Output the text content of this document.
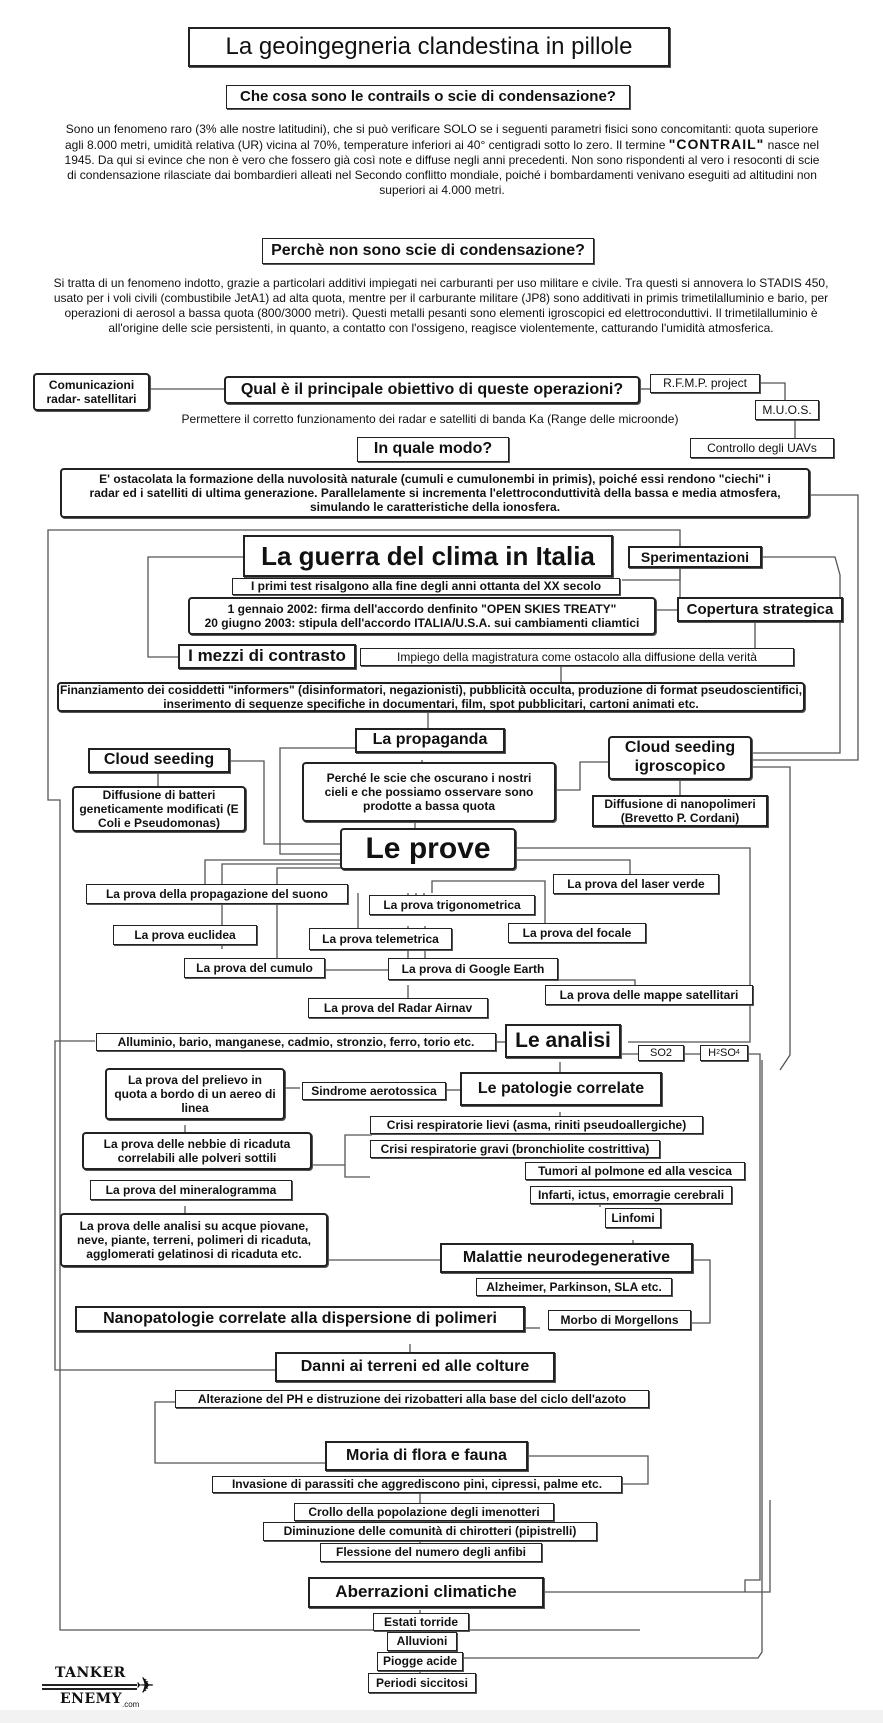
La geoingegneria clandestina in pillole
Che cosa sono le contrails o scie di condensazione?
Sono un fenomeno raro (3% alle nostre latitudini), che si può verificare SOLO se i seguenti parametri fisici sono concomitanti: quota superiore agli 8.000 metri, umidità relativa (UR) vicina al 70%, temperature inferiori ai 40° centigradi sotto lo zero. Il termine "CONTRAIL" nasce nel 1945. Da qui si evince che non è vero che fossero già così note e diffuse negli anni precedenti. Non sono rispondenti al vero i resoconti di scie di condensazione rilasciate dai bombardieri alleati nel Secondo conflitto mondiale, poiché i bombardamenti venivano eseguiti ad altitudini non superiori ai 4.000 metri.
Perchè non sono scie di condensazione?
Si tratta di un fenomeno indotto, grazie a particolari additivi impiegati nei carburanti per uso militare e civile. Tra questi si annovera lo STADIS 450, usato per i voli civili (combustibile JetA1) ad alta quota, mentre per il carburante militare (JP8) sono additivati in primis trimetilalluminio e bario, per operazioni di aerosol a bassa quota (800/3000 metri). Questi metalli pesanti sono elementi igroscopici ed elettroconduttivi. Il trimetilalluminio è all'origine delle scie persistenti, in quanto, a contatto con l'ossigeno, reagisce violentemente, catturando l'umidità atmosferica.
Comunicazioni radar- satellitari
Qual è il principale obiettivo di queste operazioni?	R.F.M.P. project
M.U.O.S.
Controllo degli UAVs
Permettere il corretto funzionamento dei radar e satelliti di banda Ka (Range delle microonde)
In quale modo?
E' ostacolata la formazione della nuvolosità naturale (cumuli e cumulonembi in primis), poiché essi rendono "ciechi" i radar ed i satelliti di ultima generazione. Parallelamente si incrementa l'elettroconduttività della bassa e media atmosfera, simulando le caratteristiche della ionosfera.
La guerra del clima in Italia	Sperimentazioni
I primi test risalgono alla fine degli anni ottanta del XX secolo
1 gennaio 2002: firma dell'accordo denfinito "OPEN SKIES TREATY"
20 giugno 2003: stipula dell'accordo ITALIA/U.S.A. sui cambiamenti cliamtici
Copertura strategica
I mezzi di contrasto	Impiego della magistratura come ostacolo alla diffusione della verità
Finanziamento dei cosiddetti "informers" (disinformatori, negazionisti), pubblicità occulta, produzione di format pseudoscientifici, inserimento di sequenze specifiche in documentari, film, spot pubblicitari, cartoni animati etc.
La propaganda
Perché le scie che oscurano i nostri cieli e che possiamo osservare sono prodotte a bassa quota
Cloud seeding
Diffusione di batteri geneticamente modificati (E Coli e Pseudomonas)
Cloud seeding igroscopico
Diffusione di nanopolimeri (Brevetto P. Cordani)
Le prove
La prova della propagazione del suono
La prova del laser verde
La prova trigonometrica
La prova euclidea	La prova del focale
La prova telemetrica
La prova del cumulo	La prova di Google Earth
La prova delle mappe satellitari
La prova del Radar Airnav
Alluminio, bario, manganese, cadmio, stronzio, ferro, torio etc.	Le analisi
SO2	H 2 SO 4
La prova del prelievo in quota a bordo di un aereo di linea
Sindrome aerotossica	Le patologie correlate
Crisi respiratorie lievi (asma, riniti pseudoallergiche)
La prova delle nebbie di ricaduta correlabili alle polveri sottili
Crisi respiratorie gravi (bronchiolite costrittiva)
Tumori al polmone ed alla vescica
La prova del mineralogramma	Infarti, ictus, emorragie cerebrali
Linfomi
La prova delle analisi su acque piovane, neve, piante, terreni, polimeri di ricaduta, agglomerati gelatinosi di ricaduta etc.	Malattie neurodegenerative
Alzheimer, Parkinson, SLA etc.
Nanopatologie correlate alla dispersione di polimeri	Morbo di Morgellons
Danni ai terreni ed alle colture
Alterazione del PH e distruzione dei rizobatteri alla base del ciclo dell'azoto
Moria di flora e fauna
Invasione di parassiti che aggrediscono pini, cipressi, palme etc.
Crollo della popolazione degli imenotteri
Diminuzione delle comunità di chirotteri (pipistrelli)
Flessione del numero degli anfibi
Aberrazioni climatiche
Estati torride
Alluvioni
Piogge acide
Periodi siccitosi
TANKER
ENEMY .com
✈
